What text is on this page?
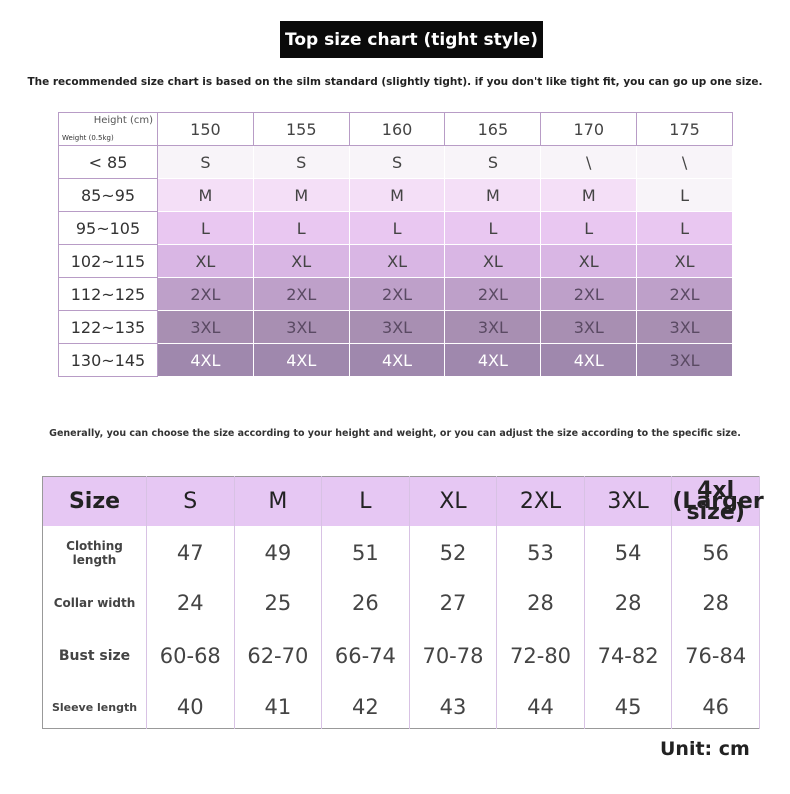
Top size chart (tight style)
The recommended size chart is based on the silm standard (slightly tight). if you don't like tight fit, you can go up one size.
Height (cm)
Weight (0.5kg)	150	155	160	165	170	175
< 85	S	S	S	S	\	\
85~95	M	M	M	M	M	L
95~105	L	L	L	L	L	L
102~115	XL	XL	XL	XL	XL	XL
112~125	2XL	2XL	2XL	2XL	2XL	2XL
122~135	3XL	3XL	3XL	3XL	3XL	3XL
130~145	4XL	4XL	4XL	4XL	4XL	3XL
Generally, you can choose the size according to your height and weight, or you can adjust the size according to the specific size.
Size	S	M	L	XL	2XL	3XL	4xl (Larger size)
Clothing length	47	49	51	52	53	54	56
Collar width	24	25	26	27	28	28	28
Bust size	60-68	62-70	66-74	70-78	72-80	74-82	76-84
Sleeve length	40	41	42	43	44	45	46
Unit: cm
